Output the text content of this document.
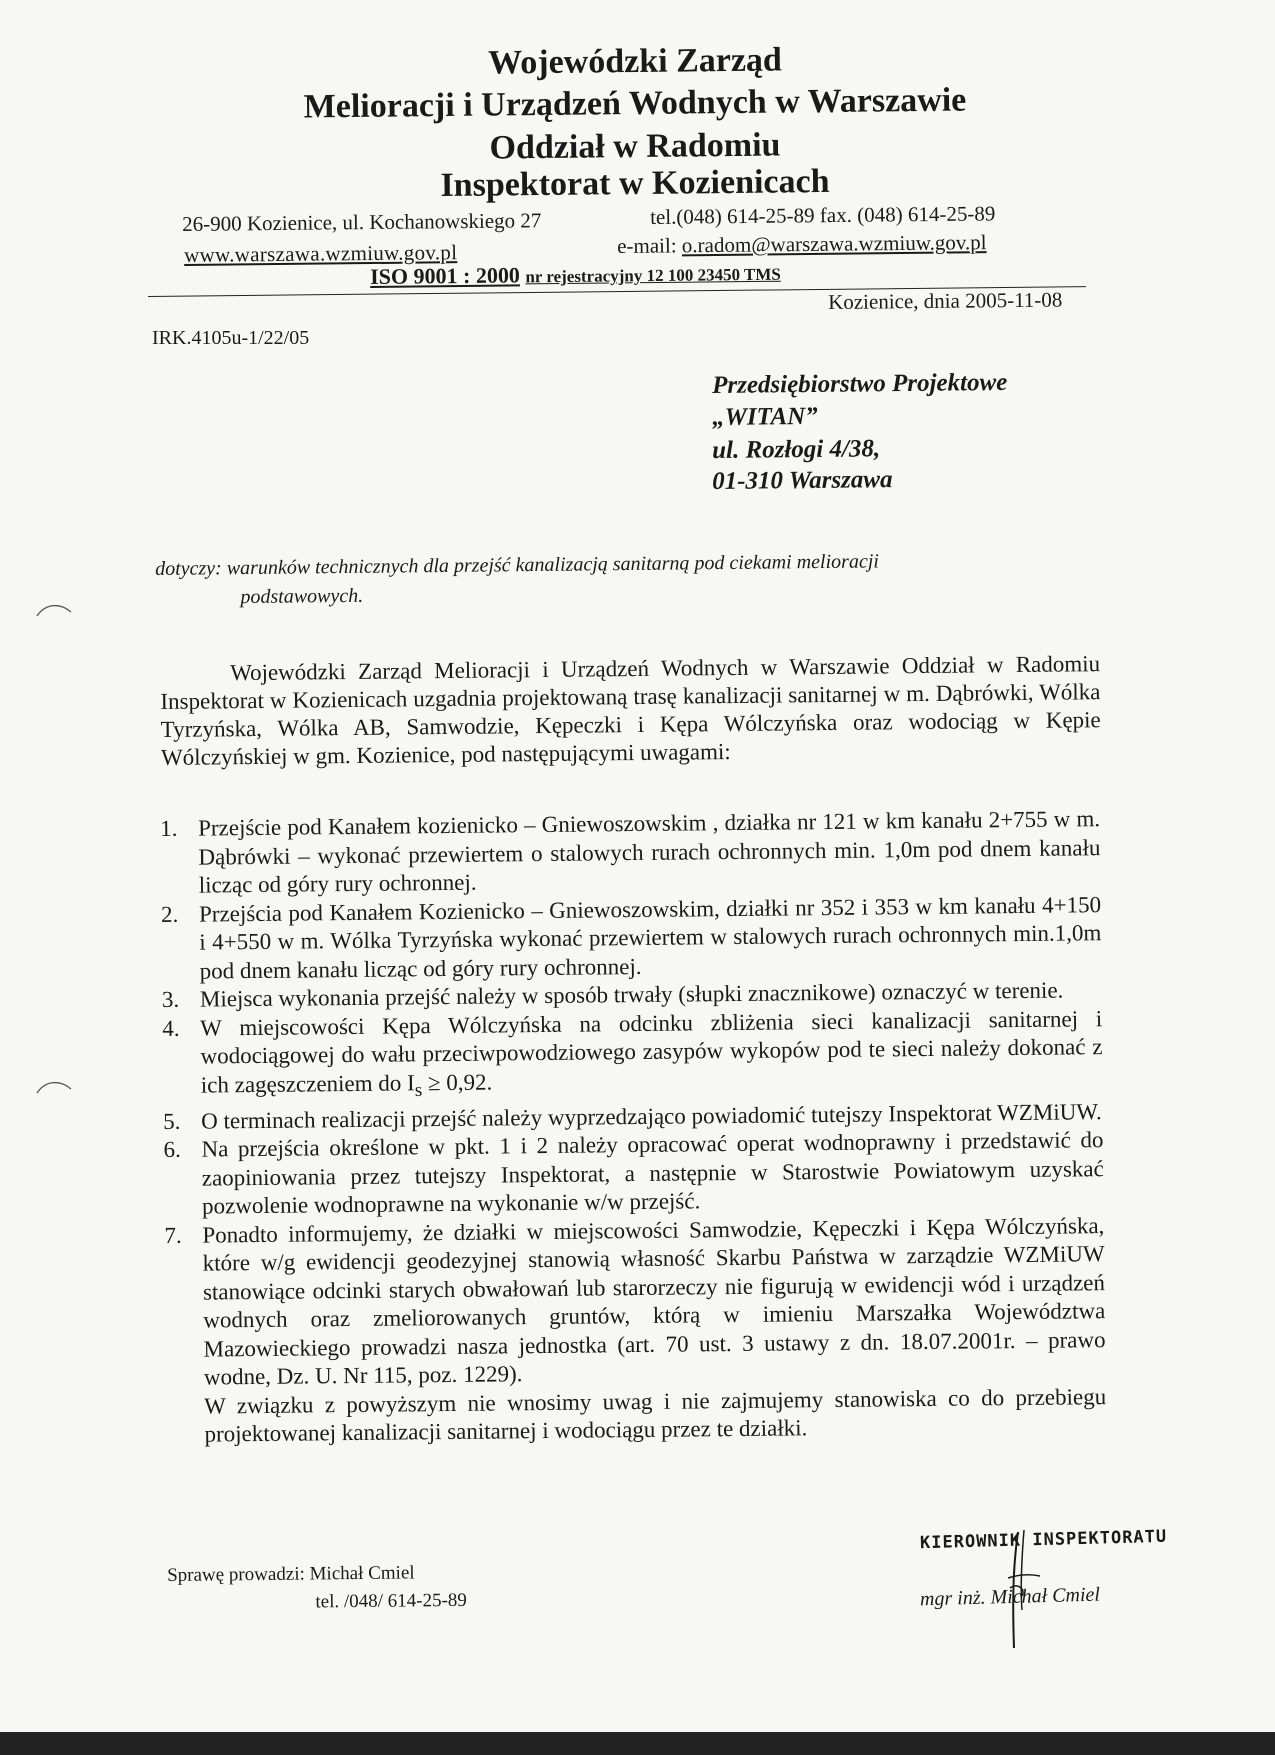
Wojewódzki Zarząd
Melioracji i Urządzeń Wodnych w Warszawie
Oddział w Radomiu
Inspektorat w Kozienicach
26-900 Kozienice, ul. Kochanowskiego 27	tel.(048) 614-25-89 fax. (048) 614-25-89
www.warszawa.wzmiuw.gov.pl	e-mail: o.radom@warszawa.wzmiuw.gov.pl
ISO 9001 : 2000 nr rejestracyjny 12 100 23450 TMS
Kozienice, dnia 2005-11-08
IRK.4105u-1/22/05
Przedsiębiorstwo Projektowe
„WITAN”
ul. Rozłogi 4/38,
01-310 Warszawa
dotyczy: warunków technicznych dla przejść kanalizacją sanitarną pod ciekami melioracji
podstawowych.
Wojewódzki Zarząd Melioracji i Urządzeń Wodnych w Warszawie Oddział w Radomiu Inspektorat w Kozienicach uzgadnia projektowaną trasę kanalizacji sanitarnej w m. Dąbrówki, Wólka Tyrzyńska, Wólka AB, Samwodzie, Kępeczki i Kępa Wólczyńska oraz wodociąg w Kępie Wólczyńskiej w gm. Kozienice, pod następującymi uwagami:
1. Przejście pod Kanałem kozienicko – Gniewoszowskim , działka nr 121 w km kanału 2+755 w m. Dąbrówki – wykonać przewiertem o stalowych rurach ochronnych min. 1,0m pod dnem kanału licząc od góry rury ochronnej.
2. Przejścia pod Kanałem Kozienicko – Gniewoszowskim, działki nr 352 i 353 w km kanału 4+150 i 4+550 w m. Wólka Tyrzyńska wykonać przewiertem w stalowych rurach ochronnych min.1,0m pod dnem kanału licząc od góry rury ochronnej.
3. Miejsca wykonania przejść należy w sposób trwały (słupki znacznikowe) oznaczyć w terenie.
4. W miejscowości Kępa Wólczyńska na odcinku zbliżenia sieci kanalizacji sanitarnej i wodociągowej do wału przeciwpowodziowego zasypów wykopów pod te sieci należy dokonać z ich zagęszczeniem do $I_s \ge 0,92$.
5. O terminach realizacji przejść należy wyprzedzająco powiadomić tutejszy Inspektorat WZMiUW.
6. Na przejścia określone w pkt. 1 i 2 należy opracować operat wodnoprawny i przedstawić do zaopiniowania przez tutejszy Inspektorat, a następnie w Starostwie Powiatowym uzyskać pozwolenie wodnoprawne na wykonanie w/w przejść.
7. Ponadto informujemy, że działki w miejscowości Samwodzie, Kępeczki i Kępa Wólczyńska, które w/g ewidencji geodezyjnej stanowią własność Skarbu Państwa w zarządzie WZMiUW stanowiące odcinki starych obwałowań lub starorzeczy nie figurują w ewidencji wód i urządzeń wodnych oraz zmeliorowanych gruntów, którą w imieniu Marszałka Województwa Mazowieckiego prowadzi nasza jednostka (art. 70 ust. 3 ustawy z dn. 18.07.2001r. – prawo wodne, Dz. U. Nr 115, poz. 1229).
W związku z powyższym nie wnosimy uwag i nie zajmujemy stanowiska co do przebiegu projektowanej kanalizacji sanitarnej i wodociągu przez te działki.
Sprawę prowadzi: Michał Cmiel
tel. /048/ 614-25-89
KIEROWNIK INSPEKTORATU
mgr inż. Michał Cmiel
